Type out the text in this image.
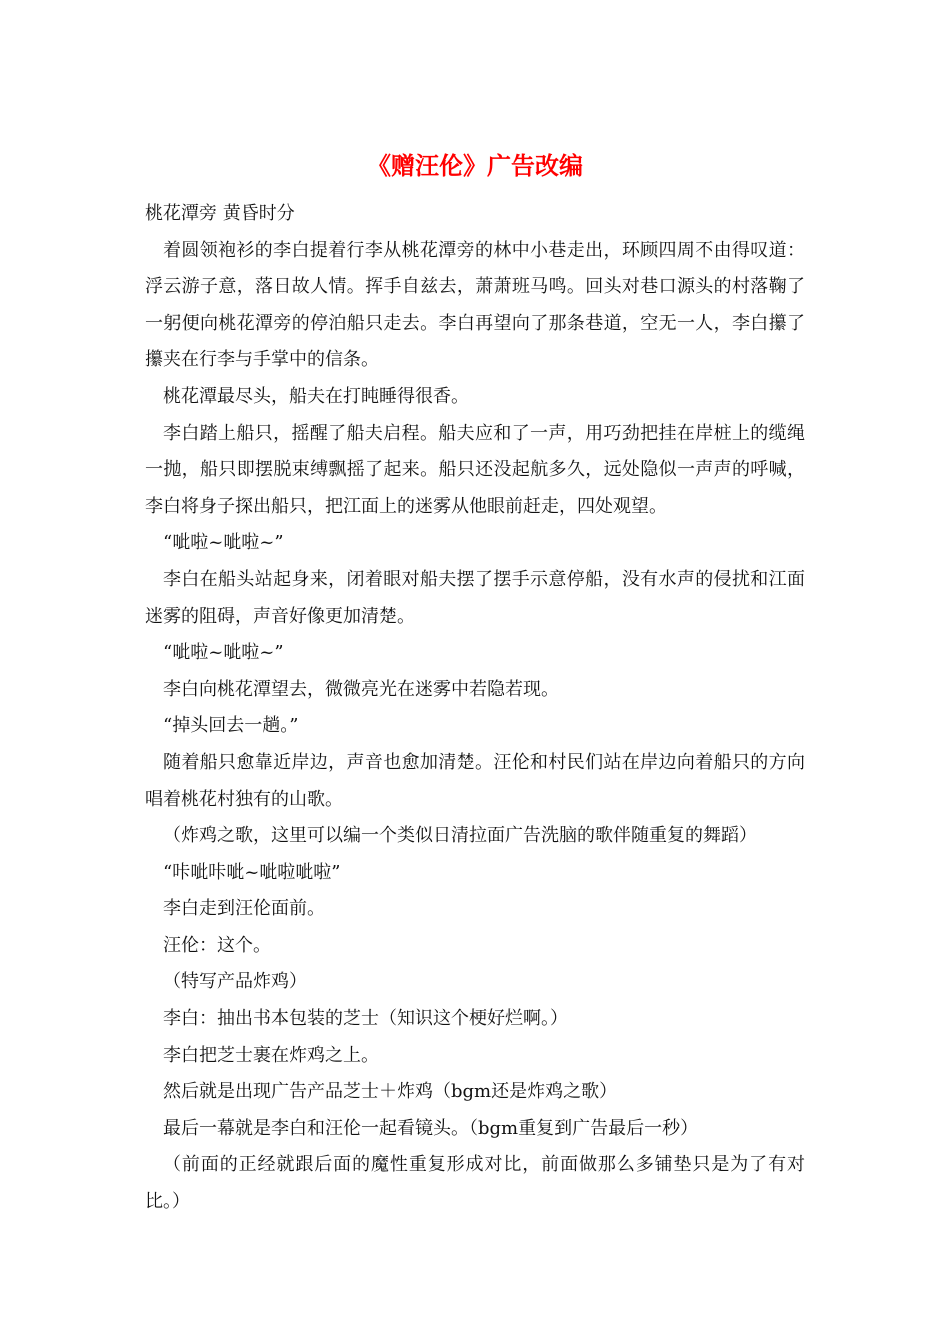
《赠汪伦》广告改编

桃花潭旁 黄昏时分

着圆领袍衫的李白提着行李从桃花潭旁的林中小巷走出，环顾四周不由得叹道：浮云游子意，落日故人情。挥手自兹去，萧萧班马鸣。回头对巷口源头的村落鞠了一躬便向桃花潭旁的停泊船只走去。李白再望向了那条巷道，空无一人，李白攥了攥夹在行李与手掌中的信条。

桃花潭最尽头，船夫在打盹睡得很香。

李白踏上船只，摇醒了船夫启程。船夫应和了一声，用巧劲把挂在岸桩上的缆绳一抛，船只即摆脱束缚飘摇了起来。船只还没起航多久，远处隐似一声声的呼喊，李白将身子探出船只，把江面上的迷雾从他眼前赶走，四处观望。

“呲啦~呲啦~”

李白在船头站起身来，闭着眼对船夫摆了摆手示意停船，没有水声的侵扰和江面迷雾的阻碍，声音好像更加清楚。

“呲啦~呲啦~”

李白向桃花潭望去，微微亮光在迷雾中若隐若现。

“掉头回去一趟。”

随着船只愈靠近岸边，声音也愈加清楚。汪伦和村民们站在岸边向着船只的方向唱着桃花村独有的山歌。

（炸鸡之歌，这里可以编一个类似日清拉面广告洗脑的歌伴随重复的舞蹈）

“咔呲咔呲~呲啦呲啦”

李白走到汪伦面前。

汪伦：这个。

（特写产品炸鸡）

李白：抽出书本包装的芝士（知识这个梗好烂啊。）

李白把芝士裹在炸鸡之上。

然后就是出现广告产品芝士＋炸鸡（bgm还是炸鸡之歌）

最后一幕就是李白和汪伦一起看镜头。（bgm重复到广告最后一秒）

（前面的正经就跟后面的魔性重复形成对比，前面做那么多铺垫只是为了有对比。）
